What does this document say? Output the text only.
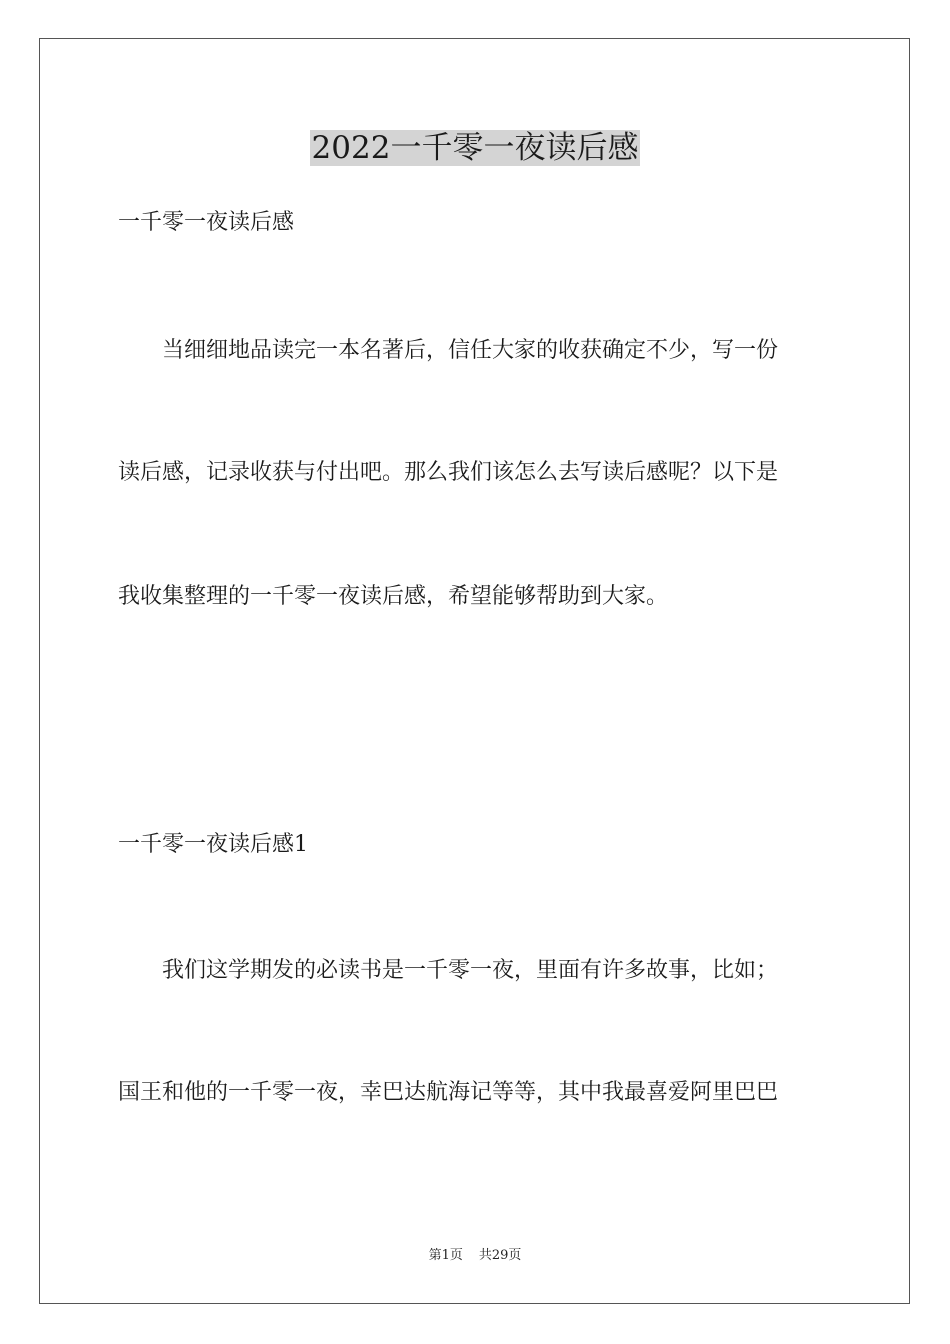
2022一千零一夜读后感

一千零一夜读后感

当细细地品读完一本名著后，信任大家的收获确定不少，写一份

读后感，记录收获与付出吧。那么我们该怎么去写读后感呢？以下是

我收集整理的一千零一夜读后感，希望能够帮助到大家。

一千零一夜读后感1

我们这学期发的必读书是一千零一夜，里面有许多故事，比如；

国王和他的一千零一夜，幸巴达航海记等等，其中我最喜爱阿里巴巴

第1页 共29页
